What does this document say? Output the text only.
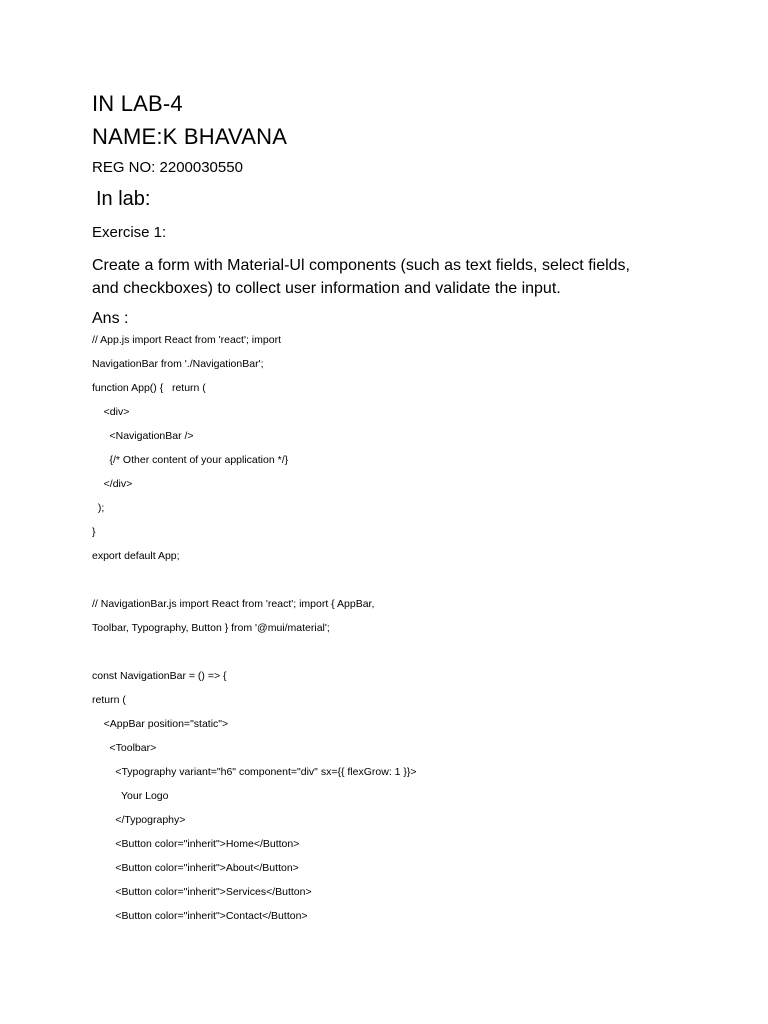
IN LAB-4
NAME:K BHAVANA
REG NO: 2200030550
In lab:
Exercise 1:
Create a form with Material-Ul components (such as text fields, select fields,
and checkboxes) to collect user information and validate the input.
Ans :
// App.js import React from 'react'; import
NavigationBar from './NavigationBar';
function App() {   return (
<div>
<NavigationBar />
{/* Other content of your application */}
</div>
);
}
export default App;
// NavigationBar.js import React from 'react'; import { AppBar,
Toolbar, Typography, Button } from '@mui/material';
const NavigationBar = () => {
return (
<AppBar position="static">
<Toolbar>
<Typography variant="h6" component="div" sx={{ flexGrow: 1 }}>
Your Logo
</Typography>
<Button color="inherit">Home</Button>
<Button color="inherit">About</Button>
<Button color="inherit">Services</Button>
<Button color="inherit">Contact</Button>
